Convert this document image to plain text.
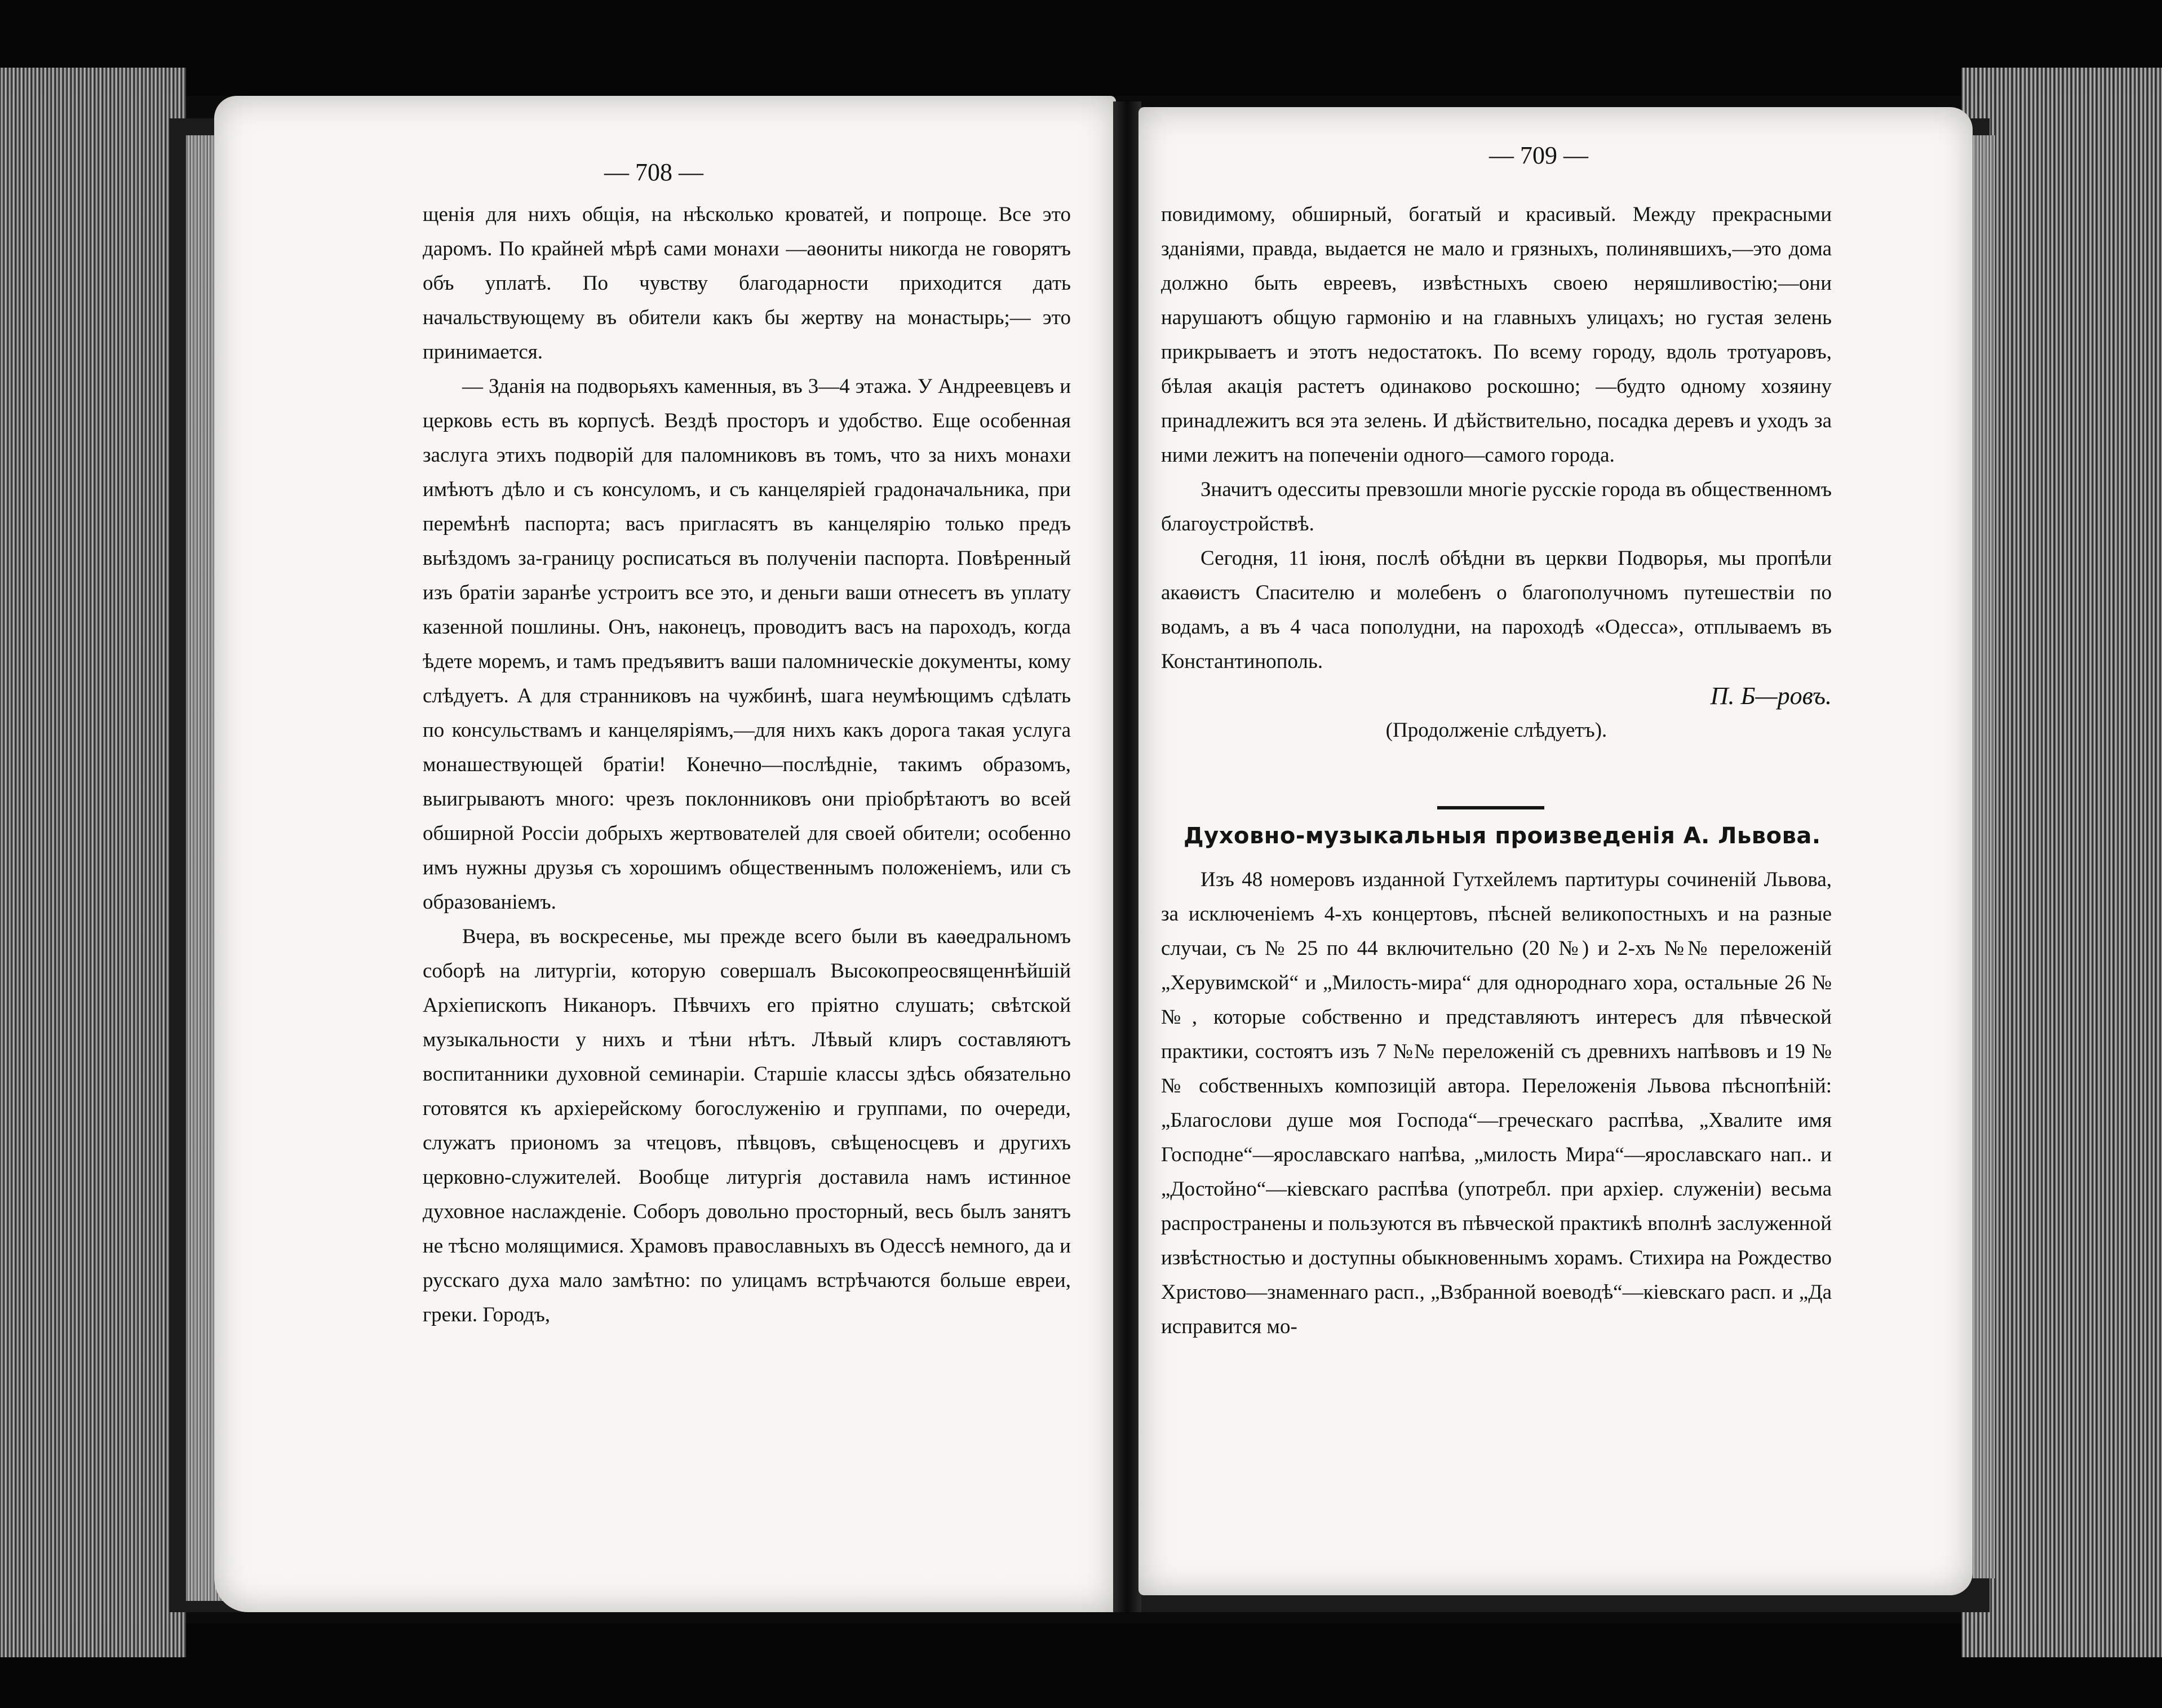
— 708 —

щенія для нихъ общія, на нѣсколько кроватей, и попроще. Все это даромъ. По крайней мѣрѣ сами монахи —аѳониты никогда не говорятъ объ уплатѣ. По чувству благодарности приходится дать начальствующему въ обители какъ бы жертву на монастырь;— это принимается.

— Зданія на подворьяхъ каменныя, въ 3—4 этажа. У Андреевцевъ и церковь есть въ корпусѣ. Вездѣ просторъ и удобство. Еще особенная заслуга этихъ подворій для паломниковъ въ томъ, что за нихъ монахи имѣютъ дѣло и съ консуломъ, и съ канцеляріей градоначальника, при перемѣнѣ паспорта; васъ пригласятъ въ канцелярію только предъ выѣздомъ за-границу росписаться въ полученіи паспорта. Повѣренный изъ братіи заранѣе устроитъ все это, и деньги ваши отнесетъ въ уплату казенной пошлины. Онъ, наконецъ, проводитъ васъ на пароходъ, когда ѣдете моремъ, и тамъ предъявитъ ваши паломническіе документы, кому слѣдуетъ. А для странниковъ на чужбинѣ, шага неумѣющимъ сдѣлать по консульствамъ и канцеляріямъ,—для нихъ какъ дорога такая услуга монашествующей братіи! Конечно—послѣдніе, такимъ образомъ, выигрываютъ много: чрезъ поклонниковъ они пріобрѣтаютъ во всей обширной Россіи добрыхъ жертвователей для своей обители; особенно имъ нужны друзья съ хорошимъ общественнымъ положеніемъ, или съ образованіемъ.

Вчера, въ воскресенье, мы прежде всего были въ каѳедральномъ соборѣ на литургіи, которую совершалъ Высокопреосвященнѣйшій Архіепископъ Никаноръ. Пѣвчихъ его пріятно слушать; свѣтской музыкальности у нихъ и тѣни нѣтъ. Лѣвый клиръ составляютъ воспитанники духовной семинаріи. Старшіе классы здѣсь обязательно готовятся къ архіерейскому богослуженію и группами, по очереди, служатъ приономъ за чтецовъ, пѣвцовъ, свѣщеносцевъ и другихъ церковно-служителей. Вообще литургія доставила намъ истинное духовное наслажденіе. Соборъ довольно просторный, весь былъ занятъ не тѣсно молящимися. Храмовъ православныхъ въ Одессѣ немного, да и русскаго духа мало замѣтно: по улицамъ встрѣчаются больше евреи, греки. Городъ,

— 709 —

повидимому, обширный, богатый и красивый. Между прекрасными зданіями, правда, выдается не мало и грязныхъ, полинявшихъ,—это дома должно быть евреевъ, извѣстныхъ своею неряшливостію;—они нарушаютъ общую гармонію и на главныхъ улицахъ; но густая зелень прикрываетъ и этотъ недостатокъ. По всему городу, вдоль тротуаровъ, бѣлая акація растетъ одинаково роскошно; —будто одному хозяину принадлежитъ вся эта зелень. И дѣйствительно, посадка деревъ и уходъ за ними лежитъ на попеченіи одного—самого города.

Значитъ одесситы превзошли многіе русскіе города въ общественномъ благоустройствѣ.

Сегодня, 11 іюня, послѣ обѣдни въ церкви Подворья, мы пропѣли акаѳистъ Спасителю и молебенъ о благополучномъ путешествіи по водамъ, а въ 4 часа пополудни, на пароходѣ «Одесса», отплываемъ въ Константинополь.

П. Б—ровъ.

(Продолженіе слѣдуетъ).

Духовно-музыкальныя произведенія А. Львова.

Изъ 48 номеровъ изданной Гутхейлемъ партитуры сочиненій Львова, за исключеніемъ 4-хъ концертовъ, пѣсней великопостныхъ и на разные случаи, съ № 25 по 44 включительно (20 №) и 2-хъ №№ переложеній „Херувимской“ и „Милость-мира“ для однороднаго хора, остальные 26 №№, которые собственно и представляютъ интересъ для пѣвческой практики, состоятъ изъ 7 №№ переложеній съ древнихъ напѣвовъ и 19 №№ собственныхъ композицій автора. Переложенія Львова пѣснопѣній: „Благослови душе моя Господа“—греческаго распѣва, „Хвалите имя Господне“—ярославскаго напѣва, „милость Мира“—ярославскаго нап.. и „Достойно“—кіевскаго распѣва (употребл. при архіер. служеніи) весьма распространены и пользуются въ пѣвческой практикѣ вполнѣ заслуженной извѣстностью и доступны обыкновеннымъ хорамъ. Стихира на Рождество Христово—знаменнаго расп., „Взбранной воеводѣ“—кіевскаго расп. и „Да исправится мо-
